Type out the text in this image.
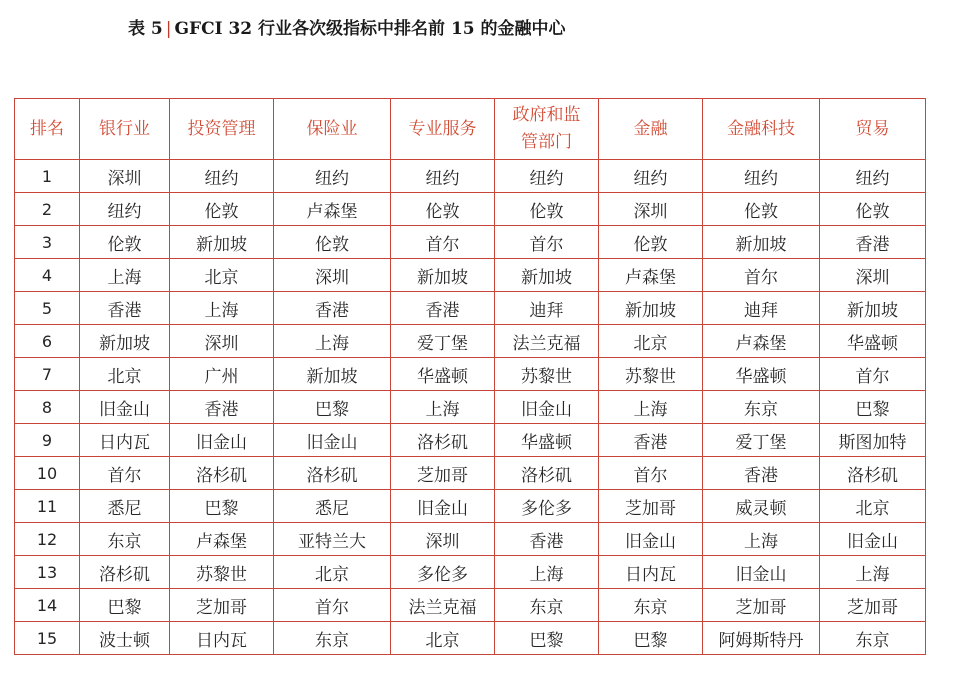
表 5 | GFCI 32 行业各次级指标中排名前 15 的金融中心
排名	银行业	投资管理	保险业	专业服务	政府和监管部门	金融	金融科技	贸易
1	深圳	纽约	纽约	纽约	纽约	纽约	纽约	纽约
2	纽约	伦敦	卢森堡	伦敦	伦敦	深圳	伦敦	伦敦
3	伦敦	新加坡	伦敦	首尔	首尔	伦敦	新加坡	香港
4	上海	北京	深圳	新加坡	新加坡	卢森堡	首尔	深圳
5	香港	上海	香港	香港	迪拜	新加坡	迪拜	新加坡
6	新加坡	深圳	上海	爱丁堡	法兰克福	北京	卢森堡	华盛顿
7	北京	广州	新加坡	华盛顿	苏黎世	苏黎世	华盛顿	首尔
8	旧金山	香港	巴黎	上海	旧金山	上海	东京	巴黎
9	日内瓦	旧金山	旧金山	洛杉矶	华盛顿	香港	爱丁堡	斯图加特
10	首尔	洛杉矶	洛杉矶	芝加哥	洛杉矶	首尔	香港	洛杉矶
11	悉尼	巴黎	悉尼	旧金山	多伦多	芝加哥	威灵顿	北京
12	东京	卢森堡	亚特兰大	深圳	香港	旧金山	上海	旧金山
13	洛杉矶	苏黎世	北京	多伦多	上海	日内瓦	旧金山	上海
14	巴黎	芝加哥	首尔	法兰克福	东京	东京	芝加哥	芝加哥
15	波士顿	日内瓦	东京	北京	巴黎	巴黎	阿姆斯特丹	东京
